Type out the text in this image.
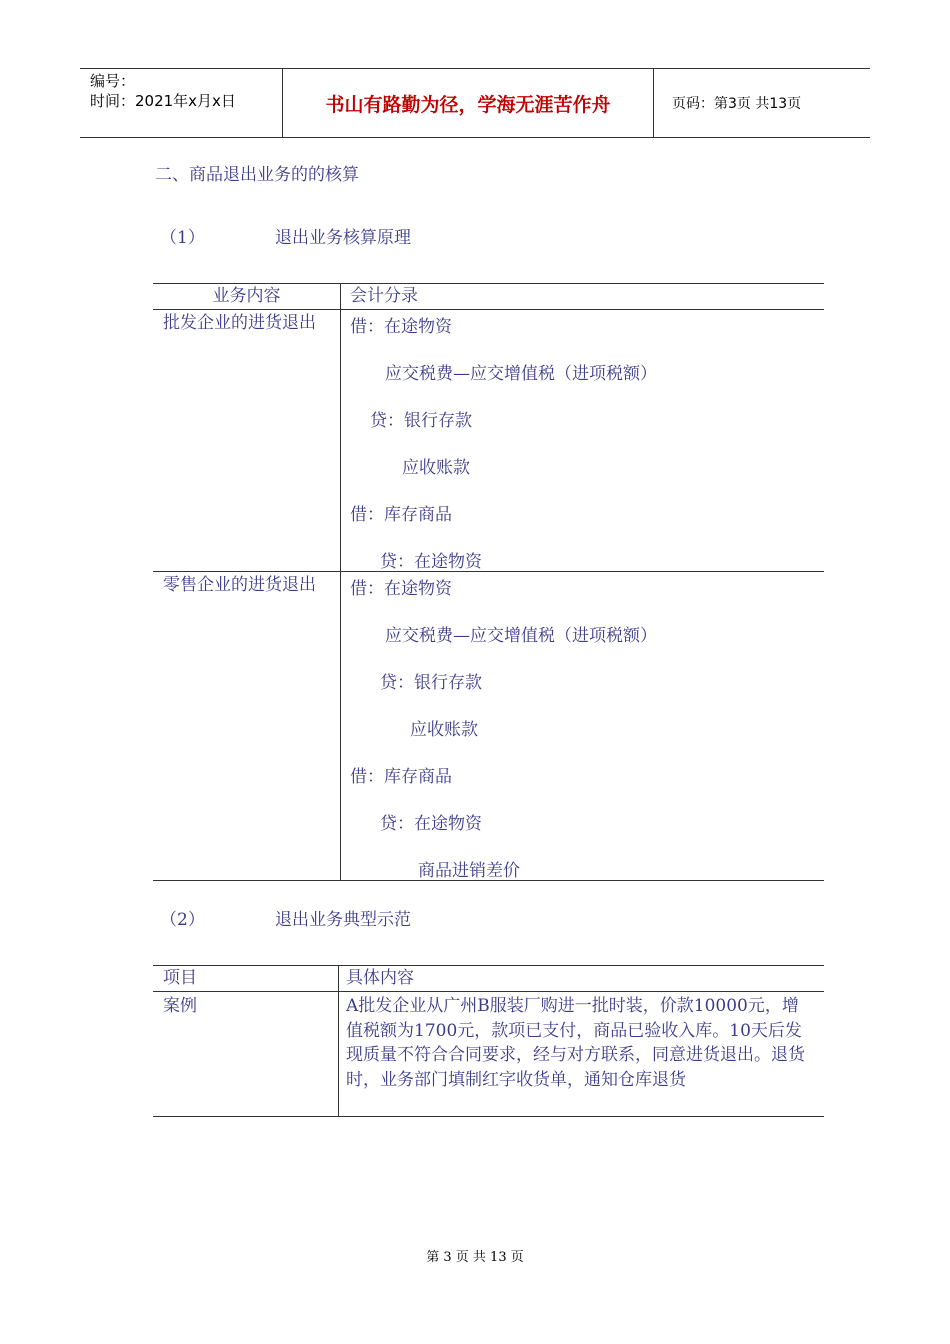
编号：
时间：2021年x月x日	书山有路勤为径，学海无涯苦作舟	页码：第3页 共13页
二、商品退出业务的的核算
（1）	退出业务核算原理
业务内容	会计分录
批发企业的进货退出	借：在途物资
应交税费—应交增值税（进项税额）
贷：银行存款
应收账款
借：库存商品
贷：在途物资
零售企业的进货退出	借：在途物资
应交税费—应交增值税（进项税额）
贷：银行存款
应收账款
借：库存商品
贷：在途物资
商品进销差价
（2）	退出业务典型示范
项目	具体内容
案例	A批发企业从广州B服装厂购进一批时装，价款10000元，增值税额为1700元，款项已支付，商品已验收入库。10天后发现质量不符合合同要求，经与对方联系，同意进货退出。退货时，业务部门填制红字收货单，通知仓库退货
第 3 页 共 13 页
